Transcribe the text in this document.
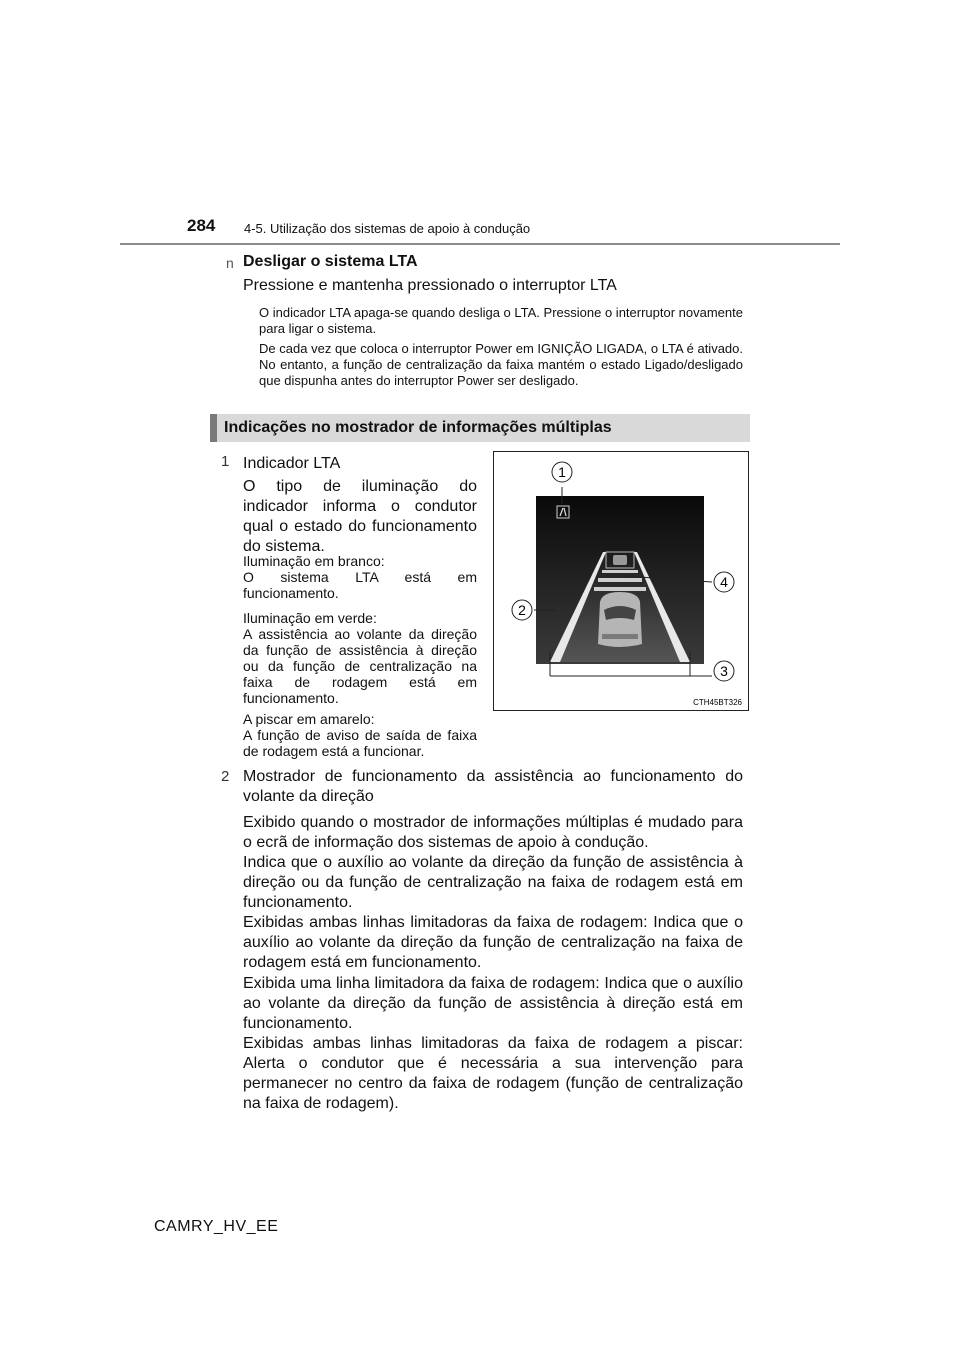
284 4-5. Utilização dos sistemas de apoio à condução
n Desligar o sistema LTA
Pressione e mantenha pressionado o interruptor LTA
O indicador LTA apaga-se quando desliga o LTA. Pressione o interruptor novamente para ligar o sistema.
De cada vez que coloca o interruptor Power em IGNIÇÃO LIGADA, o LTA é ativado. No entanto, a função de centralização da faixa mantém o estado Ligado/desligado que dispunha antes do interruptor Power ser desligado.
Indicações no mostrador de informações múltiplas
1 Indicador LTA
O tipo de iluminação do indicador informa o condutor qual o estado do funcionamento do sistema.
Iluminação em branco:
O sistema LTA está em funcionamento.
Iluminação em verde:
A assistência ao volante da direção da função de assistência à direção ou da função de centralização na faixa de rodagem está em funcionamento.
A piscar em amarelo:
A função de aviso de saída de faixa de rodagem está a funcionar.
1
2
3
4
CTH45BT326
2 Mostrador de funcionamento da assistência ao funcionamento do volante da direção
Exibido quando o mostrador de informações múltiplas é mudado para o ecrã de informação dos sistemas de apoio à condução.
Indica que o auxílio ao volante da direção da função de assistência à direção ou da função de centralização na faixa de rodagem está em funcionamento.
Exibidas ambas linhas limitadoras da faixa de rodagem: Indica que o auxílio ao volante da direção da função de centralização na faixa de rodagem está em funcionamento.
Exibida uma linha limitadora da faixa de rodagem: Indica que o auxílio ao volante da direção da função de assistência à direção está em funcionamento.
Exibidas ambas linhas limitadoras da faixa de rodagem a piscar: Alerta o condutor que é necessária a sua intervenção para permanecer no centro da faixa de rodagem (função de centralização na faixa de rodagem).
CAMRY_HV_EE
